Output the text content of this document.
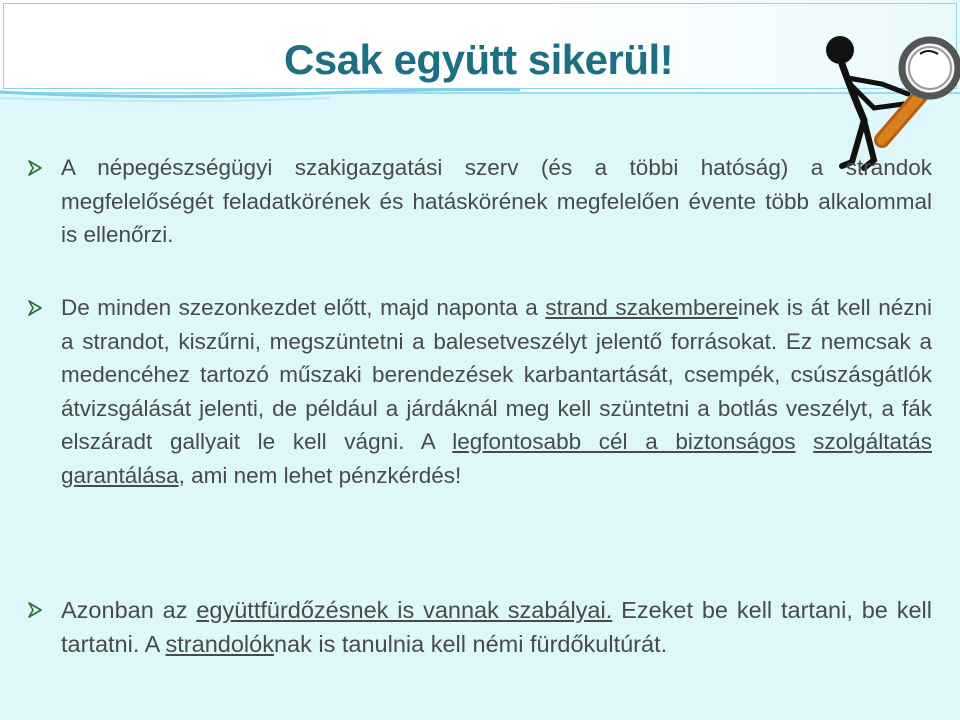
Csak együtt sikerül!
A népegészségügyi szakigazgatási szerv (és a többi hatóság) a strandok megfelelőségét feladatkörének és hatáskörének megfelelően évente több alkalommal is ellenőrzi.
De minden szezonkezdet előtt, majd naponta a strand szakembereinek is át kell nézni a strandot, kiszűrni, megszüntetni a balesetveszélyt jelentő forrásokat. Ez nemcsak a medencéhez tartozó műszaki berendezések karbantartását, csempék, csúszásgátlók átvizsgálását jelenti, de például a járdáknál meg kell szüntetni a botlás veszélyt, a fák elszáradt gallyait le kell vágni. A legfontosabb cél a biztonságos szolgáltatás garantálása, ami nem lehet pénzkérdés!
Azonban az együttfürdőzésnek is vannak szabályai. Ezeket be kell tartani, be kell tartatni. A strandolóknak is tanulnia kell némi fürdőkultúrát.
